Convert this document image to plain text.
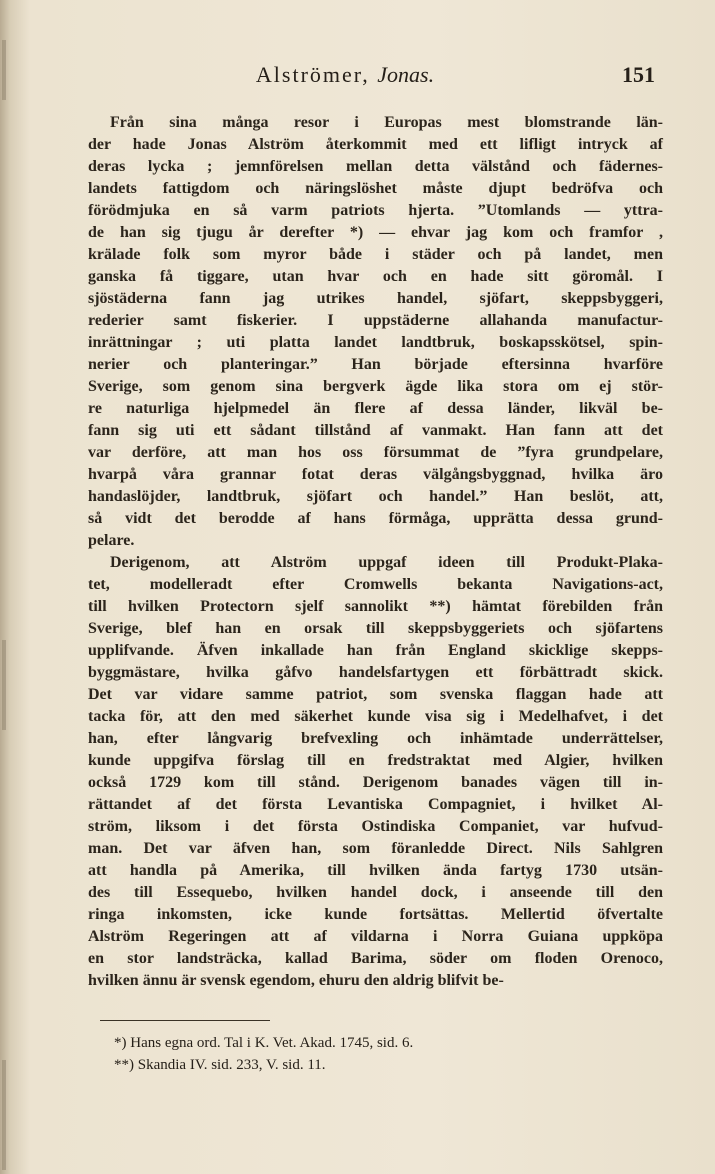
Alströmer, Jonas.	151

Från sina många resor i Europas mest blomstrande län-
der hade Jonas Alström återkommit med ett lifligt intryck af
deras lycka ; jemnförelsen mellan detta välstånd och fädernes-
landets fattigdom och näringslöshet måste djupt bedröfva och
förödmjuka en så varm patriots hjerta. ”Utomlands — yttra-
de han sig tjugu år derefter *) — ehvar jag kom och framfor ,
krälade folk som myror både i städer och på landet, men
ganska få tiggare, utan hvar och en hade sitt göromål. I
sjöstäderna fann jag utrikes handel, sjöfart, skeppsbyggeri,
rederier samt fiskerier. I uppstäderne allahanda manufactur-
inrättningar ; uti platta landet landtbruk, boskapsskötsel, spin-
nerier och planteringar.” Han började eftersinna hvarföre
Sverige, som genom sina bergverk ägde lika stora om ej stör-
re naturliga hjelpmedel än flere af dessa länder, likväl be-
fann sig uti ett sådant tillstånd af vanmakt. Han fann att det
var derföre, att man hos oss försummat de ”fyra grundpelare,
hvarpå våra grannar fotat deras välgångsbyggnad, hvilka äro
handaslöjder, landtbruk, sjöfart och handel.” Han beslöt, att,
så vidt det berodde af hans förmåga, upprätta dessa grund-
pelare.

Derigenom, att Alström uppgaf ideen till Produkt-Plaka-
tet, modelleradt efter Cromwells bekanta Navigations-act,
till hvilken Protectorn sjelf sannolikt **) hämtat förebilden från
Sverige, blef han en orsak till skeppsbyggeriets och sjöfartens
upplifvande. Äfven inkallade han från England skicklige skepps-
byggmästare, hvilka gåfvo handelsfartygen ett förbättradt skick.
Det var vidare samme patriot, som svenska flaggan hade att
tacka för, att den med säkerhet kunde visa sig i Medelhafvet, i det
han, efter långvarig brefvexling och inhämtade underrättelser,
kunde uppgifva förslag till en fredstraktat med Algier, hvilken
också 1729 kom till stånd. Derigenom banades vägen till in-
rättandet af det första Levantiska Compagniet, i hvilket Al-
ström, liksom i det första Ostindiska Companiet, var hufvud-
man. Det var äfven han, som föranledde Direct. Nils Sahlgren
att handla på Amerika, till hvilken ända fartyg 1730 utsän-
des till Essequebo, hvilken handel dock, i anseende till den
ringa inkomsten, icke kunde fortsättas. Mellertid öfvertalte
Alström Regeringen att af vildarna i Norra Guiana uppköpa
en stor landsträcka, kallad Barima, söder om floden Orenoco,
hvilken ännu är svensk egendom, ehuru den aldrig blifvit be-

*) Hans egna ord. Tal i K. Vet. Akad. 1745, sid. 6.
**) Skandia IV. sid. 233, V. sid. 11.
